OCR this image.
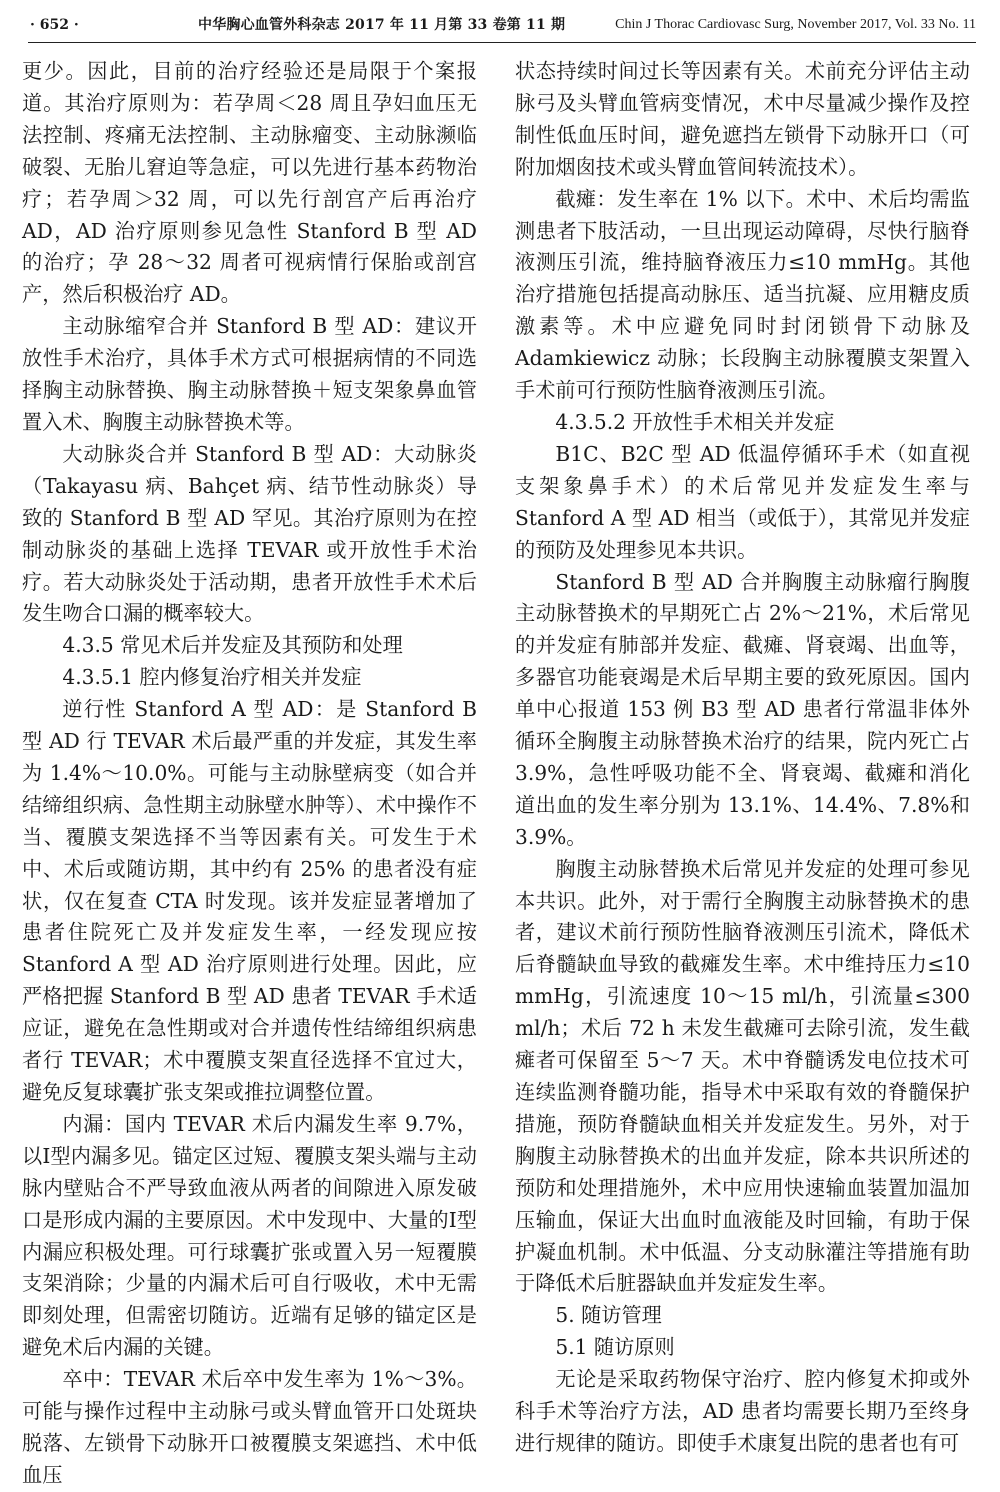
· 652 ·	中华胸心血管外科杂志 2017 年 11 月第 33 卷第 11 期	Chin J Thorac Cardiovasc Surg, November 2017, Vol. 33 No. 11

更少。因此，目前的治疗经验还是局限于个案报道。其治疗原则为：若孕周＜28 周且孕妇血压无法控制、疼痛无法控制、主动脉瘤变、主动脉濒临破裂、无胎儿窘迫等急症，可以先进行基本药物治疗；若孕周＞32 周，可以先行剖宫产后再治疗 AD，AD 治疗原则参见急性 Stanford B 型 AD 的治疗；孕 28～32 周者可视病情行保胎或剖宫产，然后积极治疗 AD。

主动脉缩窄合并 Stanford B 型 AD：建议开放性手术治疗，具体手术方式可根据病情的不同选择胸主动脉替换、胸主动脉替换＋短支架象鼻血管置入术、胸腹主动脉替换术等。

大动脉炎合并 Stanford B 型 AD：大动脉炎（Takayasu 病、Bahçet 病、结节性动脉炎）导致的 Stanford B 型 AD 罕见。其治疗原则为在控制动脉炎的基础上选择 TEVAR 或开放性手术治疗。若大动脉炎处于活动期，患者开放性手术术后发生吻合口漏的概率较大。

4.3.5 常见术后并发症及其预防和处理

4.3.5.1 腔内修复治疗相关并发症

逆行性 Stanford A 型 AD：是 Stanford B 型 AD 行 TEVAR 术后最严重的并发症，其发生率为 1.4%～10.0%。可能与主动脉壁病变（如合并结缔组织病、急性期主动脉壁水肿等）、术中操作不当、覆膜支架选择不当等因素有关。可发生于术中、术后或随访期，其中约有 25% 的患者没有症状，仅在复查 CTA 时发现。该并发症显著增加了患者住院死亡及并发症发生率，一经发现应按 Stanford A 型 AD 治疗原则进行处理。因此，应严格把握 Stanford B 型 AD 患者 TEVAR 手术适应证，避免在急性期或对合并遗传性结缔组织病患者行 TEVAR；术中覆膜支架直径选择不宜过大，避免反复球囊扩张支架或推拉调整位置。

内漏：国内 TEVAR 术后内漏发生率 9.7%，以Ⅰ型内漏多见。锚定区过短、覆膜支架头端与主动脉内壁贴合不严导致血液从两者的间隙进入原发破口是形成内漏的主要原因。术中发现中、大量的Ⅰ型内漏应积极处理。可行球囊扩张或置入另一短覆膜支架消除；少量的内漏术后可自行吸收，术中无需即刻处理，但需密切随访。近端有足够的锚定区是避免术后内漏的关键。

卒中：TEVAR 术后卒中发生率为 1%～3%。可能与操作过程中主动脉弓或头臂血管开口处斑块脱落、左锁骨下动脉开口被覆膜支架遮挡、术中低血压

状态持续时间过长等因素有关。术前充分评估主动脉弓及头臂血管病变情况，术中尽量减少操作及控制性低血压时间，避免遮挡左锁骨下动脉开口（可附加烟囱技术或头臂血管间转流技术）。

截瘫：发生率在 1% 以下。术中、术后均需监测患者下肢活动，一旦出现运动障碍，尽快行脑脊液测压引流，维持脑脊液压力≤10 mmHg。其他治疗措施包括提高动脉压、适当抗凝、应用糖皮质激素等。术中应避免同时封闭锁骨下动脉及 Adamkiewicz 动脉；长段胸主动脉覆膜支架置入手术前可行预防性脑脊液测压引流。

4.3.5.2 开放性手术相关并发症

B1C、B2C 型 AD 低温停循环手术（如直视支架象鼻手术）的术后常见并发症发生率与 Stanford A 型 AD 相当（或低于），其常见并发症的预防及处理参见本共识。

Stanford B 型 AD 合并胸腹主动脉瘤行胸腹主动脉替换术的早期死亡占 2%～21%，术后常见的并发症有肺部并发症、截瘫、肾衰竭、出血等，多器官功能衰竭是术后早期主要的致死原因。国内单中心报道 153 例 B3 型 AD 患者行常温非体外循环全胸腹主动脉替换术治疗的结果，院内死亡占 3.9%，急性呼吸功能不全、肾衰竭、截瘫和消化道出血的发生率分别为 13.1%、14.4%、7.8%和 3.9%。

胸腹主动脉替换术后常见并发症的处理可参见本共识。此外，对于需行全胸腹主动脉替换术的患者，建议术前行预防性脑脊液测压引流术，降低术后脊髓缺血导致的截瘫发生率。术中维持压力≤10 mmHg，引流速度 10～15 ml/h，引流量≤300 ml/h；术后 72 h 未发生截瘫可去除引流，发生截瘫者可保留至 5～7 天。术中脊髓诱发电位技术可连续监测脊髓功能，指导术中采取有效的脊髓保护措施，预防脊髓缺血相关并发症发生。另外，对于胸腹主动脉替换术的出血并发症，除本共识所述的预防和处理措施外，术中应用快速输血装置加温加压输血，保证大出血时血液能及时回输，有助于保护凝血机制。术中低温、分支动脉灌注等措施有助于降低术后脏器缺血并发症发生率。

5. 随访管理

5.1 随访原则

无论是采取药物保守治疗、腔内修复术抑或外科手术等治疗方法，AD 患者均需要长期乃至终身进行规律的随访。即使手术康复出院的患者也有可
